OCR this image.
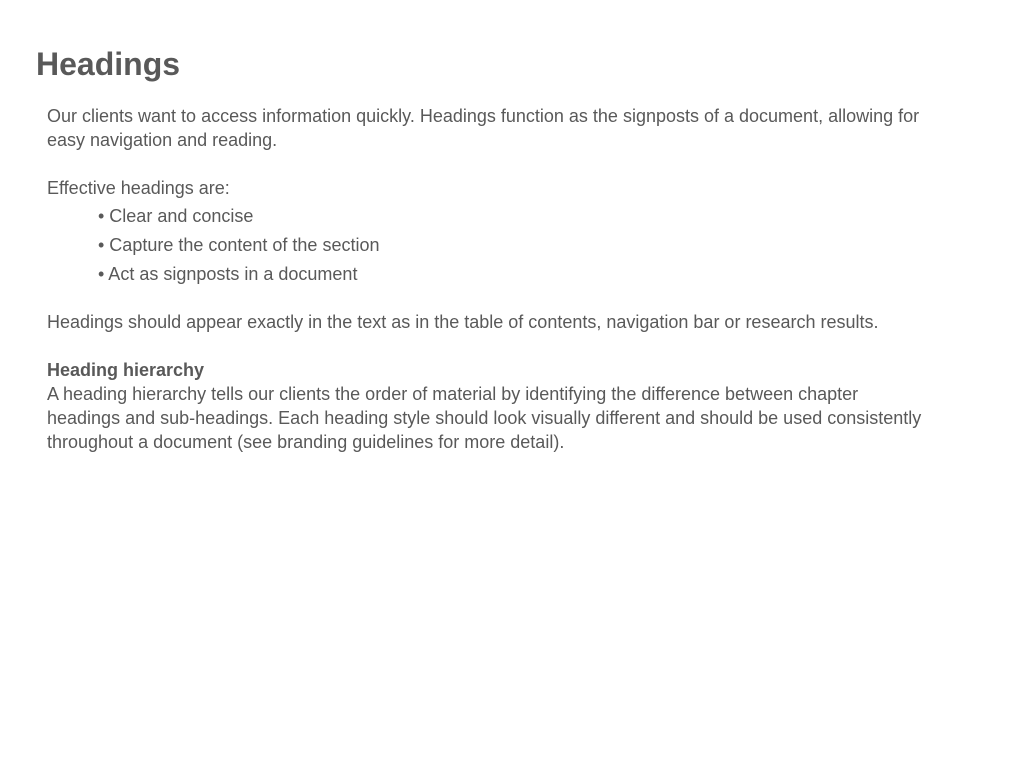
Headings

Our clients want to access information quickly. Headings function as the signposts of a document, allowing for easy navigation and reading.

Effective headings are:

• Clear and concise
• Capture the content of the section
• Act as signposts in a document

Headings should appear exactly in the text as in the table of contents, navigation bar or research results.

Heading hierarchy

A heading hierarchy tells our clients the order of material by identifying the difference between chapter headings and sub-headings. Each heading style should look visually different and should be used consistently throughout a document (see branding guidelines for more detail).
